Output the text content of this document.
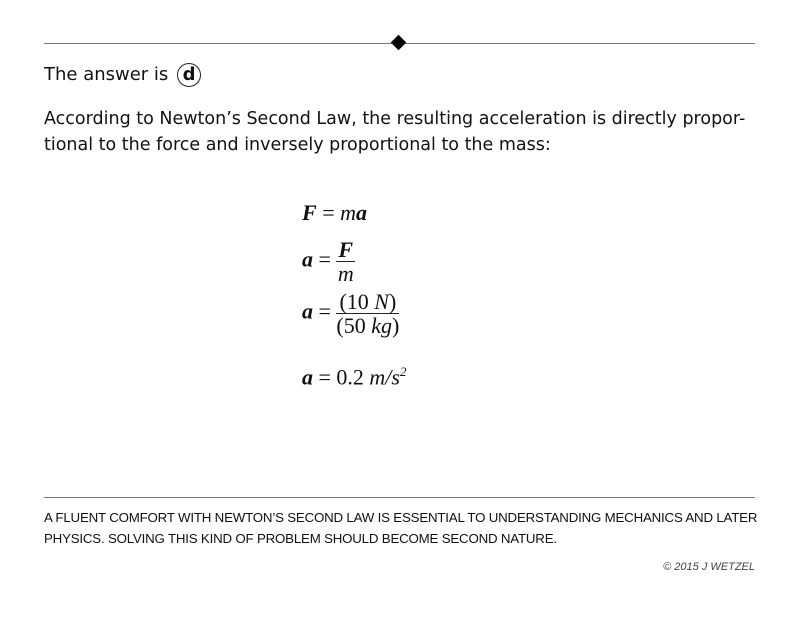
The answer is d
According to Newton’s Second Law, the resulting acceleration is directly propor- tional to the force and inversely proportional to the mass:
F = ma
$a = \frac{F}{m}$
$a = \frac{(10 N)}{(50 kg)}$
a = 0.2 $m/s^2$
A FLUENT COMFORT WITH NEWTON’S SECOND LAW IS ESSENTIAL TO UNDERSTANDING MECHANICS AND LATER PHYSICS. SOLVING THIS KIND OF PROBLEM SHOULD BECOME SECOND NATURE.
© 2015 J WETZEL
